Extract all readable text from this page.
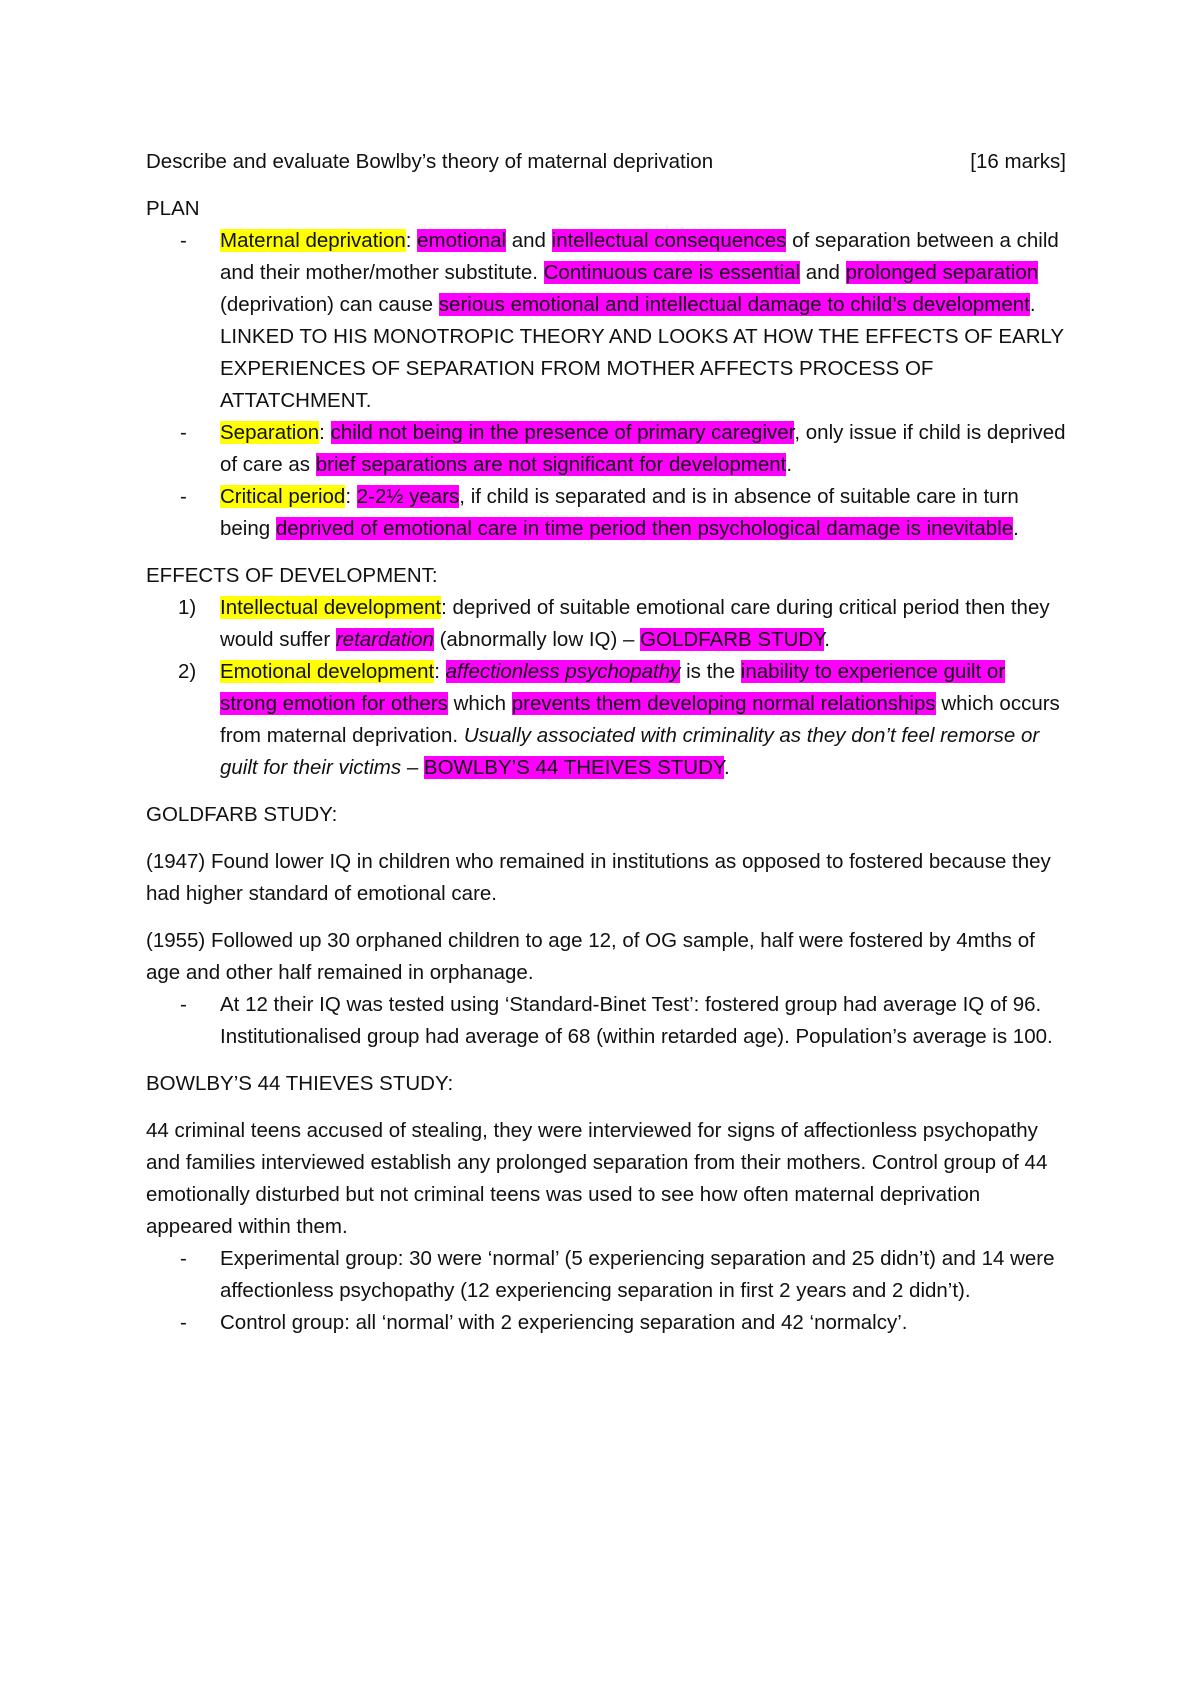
Describe and evaluate Bowlby’s theory of maternal deprivation	[16 marks]

PLAN

- Maternal deprivation: emotional and intellectual consequences of separation between a child and their mother/mother substitute. Continuous care is essential and prolonged separation (deprivation) can cause serious emotional and intellectual damage to child’s development. LINKED TO HIS MONOTROPIC THEORY AND LOOKS AT HOW THE EFFECTS OF EARLY EXPERIENCES OF SEPARATION FROM MOTHER AFFECTS PROCESS OF ATTATCHMENT.
- Separation: child not being in the presence of primary caregiver, only issue if child is deprived of care as brief separations are not significant for development.
- Critical period: 2-2½ years, if child is separated and is in absence of suitable care in turn being deprived of emotional care in time period then psychological damage is inevitable.

EFFECTS OF DEVELOPMENT:

1) Intellectual development: deprived of suitable emotional care during critical period then they would suffer retardation (abnormally low IQ) – GOLDFARB STUDY.
2) Emotional development: affectionless psychopathy is the inability to experience guilt or strong emotion for others which prevents them developing normal relationships which occurs from maternal deprivation. Usually associated with criminality as they don’t feel remorse or guilt for their victims – BOWLBY’S 44 THEIVES STUDY.

GOLDFARB STUDY:

(1947) Found lower IQ in children who remained in institutions as opposed to fostered because they had higher standard of emotional care.

(1955) Followed up 30 orphaned children to age 12, of OG sample, half were fostered by 4mths of age and other half remained in orphanage.

- At 12 their IQ was tested using ‘Standard-Binet Test’: fostered group had average IQ of 96. Institutionalised group had average of 68 (within retarded age). Population’s average is 100.

BOWLBY’S 44 THIEVES STUDY:

44 criminal teens accused of stealing, they were interviewed for signs of affectionless psychopathy and families interviewed establish any prolonged separation from their mothers. Control group of 44 emotionally disturbed but not criminal teens was used to see how often maternal deprivation appeared within them.

- Experimental group: 30 were ‘normal’ (5 experiencing separation and 25 didn’t) and 14 were affectionless psychopathy (12 experiencing separation in first 2 years and 2 didn’t).
- Control group: all ‘normal’ with 2 experiencing separation and 42 ‘normalcy’.
